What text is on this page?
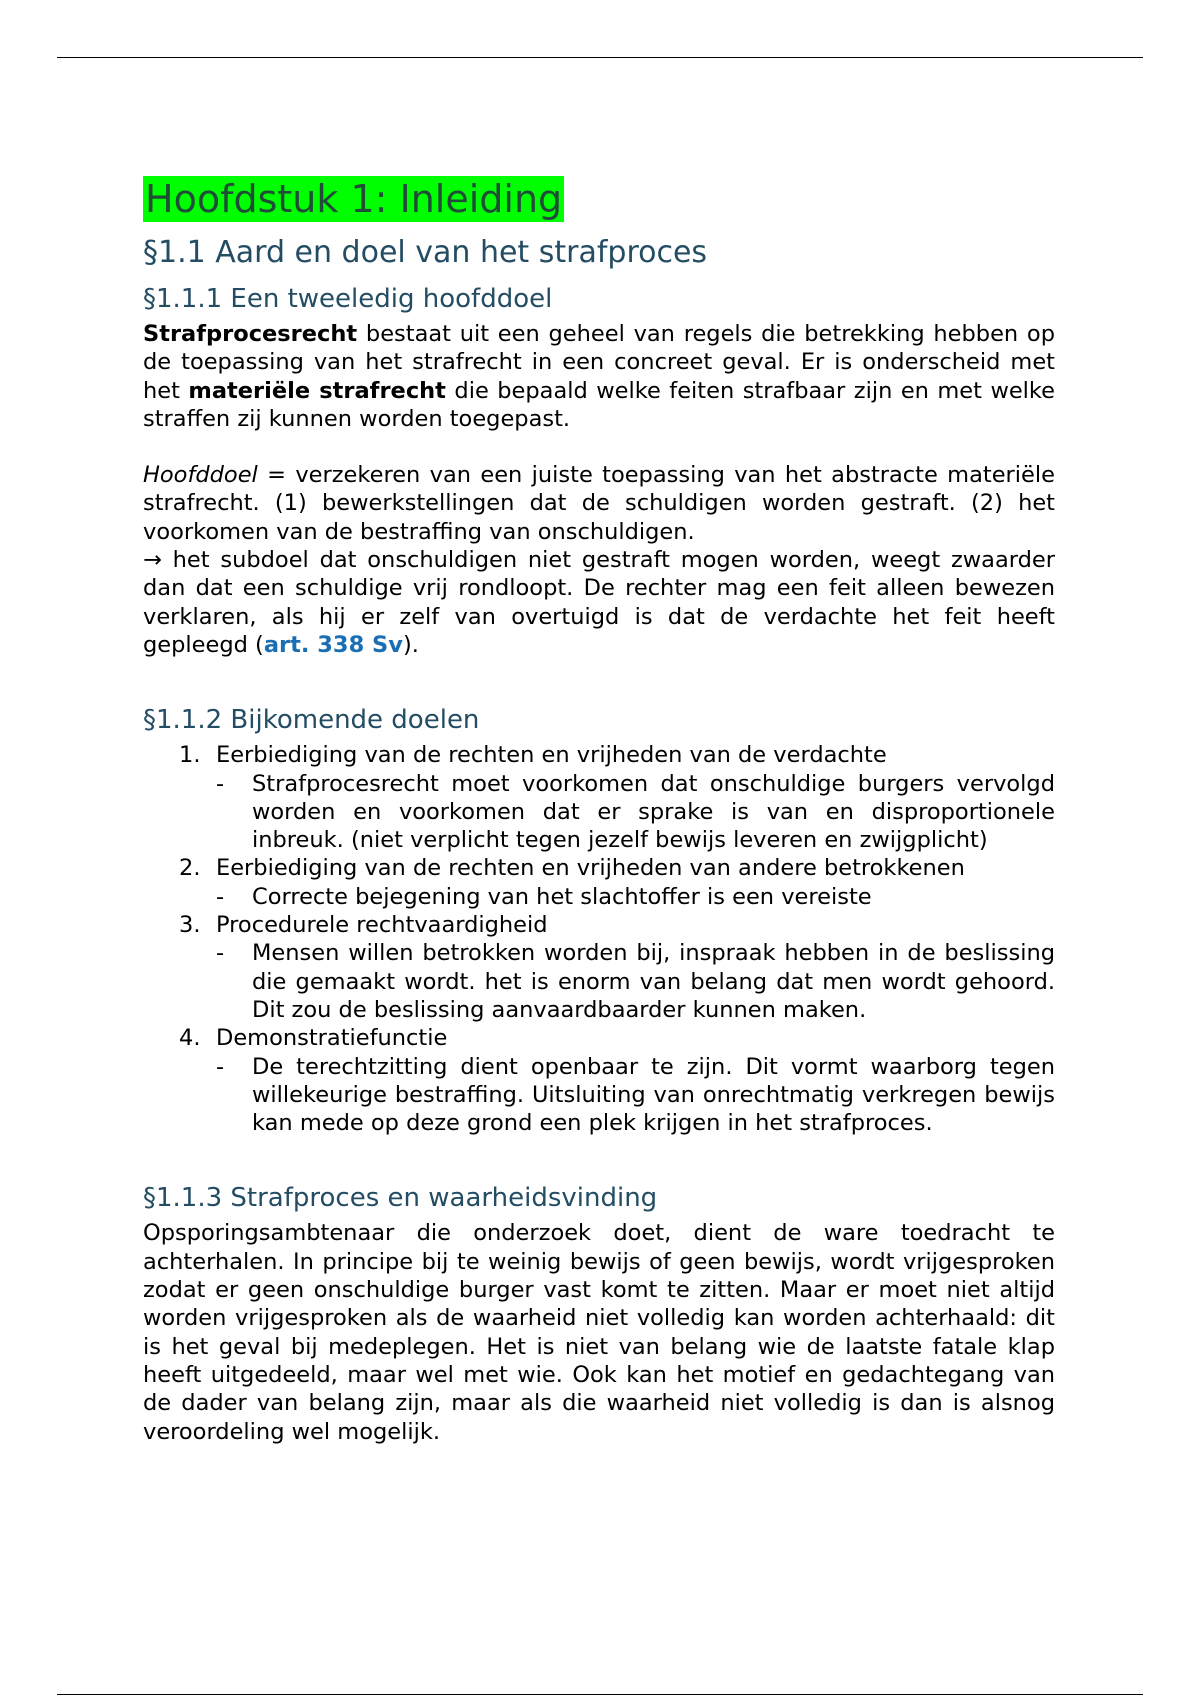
Hoofdstuk 1: Inleiding
§1.1 Aard en doel van het strafproces
§1.1.1 Een tweeledig hoofddoel

Strafprocesrecht bestaat uit een geheel van regels die betrekking hebben op de toepassing van het strafrecht in een concreet geval. Er is onderscheid met het materiële strafrecht die bepaald welke feiten strafbaar zijn en met welke straffen zij kunnen worden toegepast.

Hoofddoel = verzekeren van een juiste toepassing van het abstracte materiële strafrecht. (1) bewerkstellingen dat de schuldigen worden gestraft. (2) het voorkomen van de bestraffing van onschuldigen.

→ het subdoel dat onschuldigen niet gestraft mogen worden, weegt zwaarder dan dat een schuldige vrij rondloopt. De rechter mag een feit alleen bewezen verklaren, als hij er zelf van overtuigd is dat de verdachte het feit heeft gepleegd (art. 338 Sv).

§1.1.2 Bijkomende doelen
1. Eerbiediging van de rechten en vrijheden van de verdachte
- Strafprocesrecht moet voorkomen dat onschuldige burgers vervolgd worden en voorkomen dat er sprake is van en disproportionele inbreuk. (niet verplicht tegen jezelf bewijs leveren en zwijgplicht)
2. Eerbiediging van de rechten en vrijheden van andere betrokkenen
- Correcte bejegening van het slachtoffer is een vereiste
3. Procedurele rechtvaardigheid
- Mensen willen betrokken worden bij, inspraak hebben in de beslissing die gemaakt wordt. het is enorm van belang dat men wordt gehoord. Dit zou de beslissing aanvaardbaarder kunnen maken.
4. Demonstratiefunctie
- De terechtzitting dient openbaar te zijn. Dit vormt waarborg tegen willekeurige bestraffing. Uitsluiting van onrechtmatig verkregen bewijs kan mede op deze grond een plek krijgen in het strafproces.
§1.1.3 Strafproces en waarheidsvinding

Opsporingsambtenaar die onderzoek doet, dient de ware toedracht te achterhalen. In principe bij te weinig bewijs of geen bewijs, wordt vrijgesproken zodat er geen onschuldige burger vast komt te zitten. Maar er moet niet altijd worden vrijgesproken als de waarheid niet volledig kan worden achterhaald: dit is het geval bij medeplegen. Het is niet van belang wie de laatste fatale klap heeft uitgedeeld, maar wel met wie. Ook kan het motief en gedachtegang van de dader van belang zijn, maar als die waarheid niet volledig is dan is alsnog veroordeling wel mogelijk.
